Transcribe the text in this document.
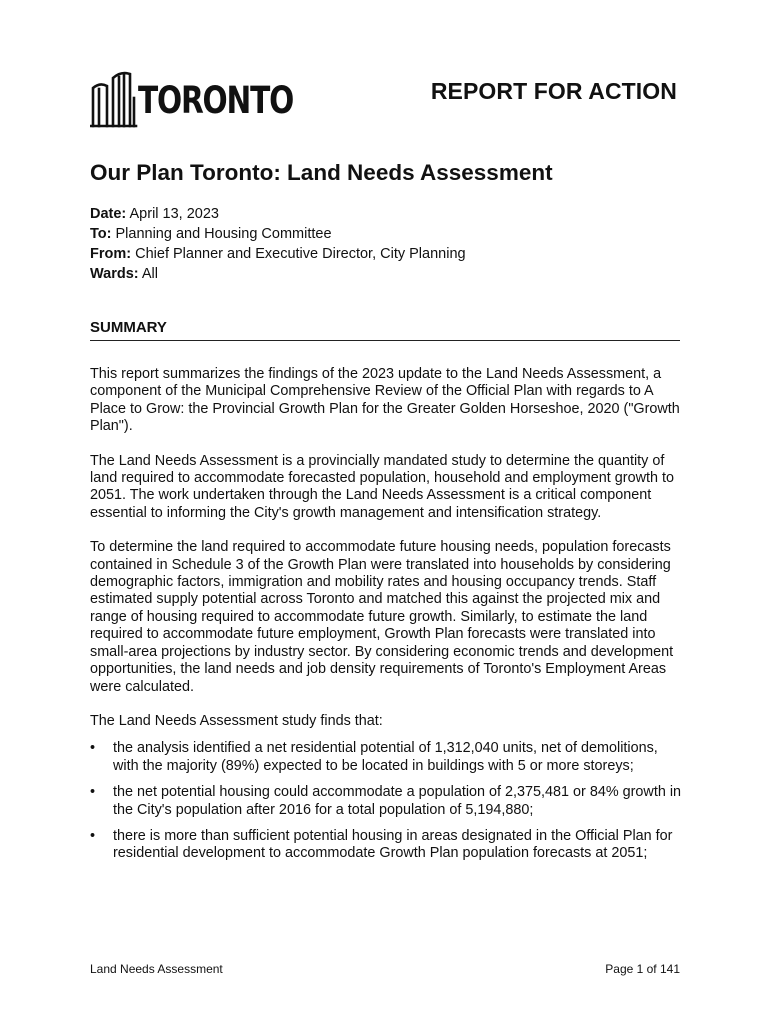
TORONTO	REPORT FOR ACTION
Our Plan Toronto: Land Needs Assessment
Date: April 13, 2023
To: Planning and Housing Committee
From: Chief Planner and Executive Director, City Planning
Wards: All
SUMMARY

This report summarizes the findings of the 2023 update to the Land Needs Assessment, a component of the Municipal Comprehensive Review of the Official Plan with regards to A Place to Grow: the Provincial Growth Plan for the Greater Golden Horseshoe, 2020 ("Growth Plan").

The Land Needs Assessment is a provincially mandated study to determine the quantity of land required to accommodate forecasted population, household and employment growth to 2051. The work undertaken through the Land Needs Assessment is a critical component essential to informing the City's growth management and intensification strategy.

To determine the land required to accommodate future housing needs, population forecasts contained in Schedule 3 of the Growth Plan were translated into households by considering demographic factors, immigration and mobility rates and housing occupancy trends. Staff estimated supply potential across Toronto and matched this against the projected mix and range of housing required to accommodate future growth. Similarly, to estimate the land required to accommodate future employment, Growth Plan forecasts were translated into small-area projections by industry sector. By considering economic trends and development opportunities, the land needs and job density requirements of Toronto's Employment Areas were calculated.

The Land Needs Assessment study finds that:

• the analysis identified a net residential potential of 1,312,040 units, net of demolitions, with the majority (89%) expected to be located in buildings with 5 or more storeys;
• the net potential housing could accommodate a population of 2,375,481 or 84% growth in the City's population after 2016 for a total population of 5,194,880;
• there is more than sufficient potential housing in areas designated in the Official Plan for residential development to accommodate Growth Plan population forecasts at 2051;
Land Needs Assessment	Page 1 of 141
